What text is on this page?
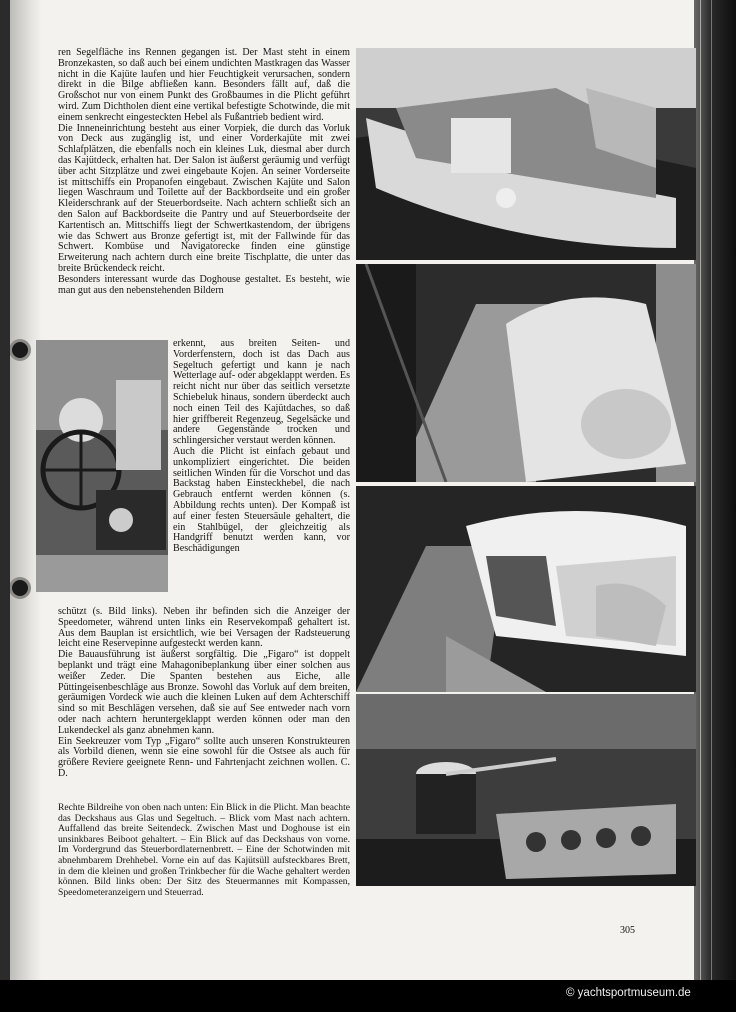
ren Segelfläche ins Rennen gegangen ist. Der Mast steht in einem Bronzekasten, so daß auch bei einem undichten Mastkragen das Wasser nicht in die Kajüte laufen und hier Feuchtigkeit verursachen, sondern direkt in die Bilge abfließen kann. Besonders fällt auf, daß die Großschot nur von einem Punkt des Großbaumes in die Plicht geführt wird. Zum Dichtholen dient eine vertikal befestigte Schotwinde, die mit einem senkrecht eingesteckten Hebel als Fußantrieb bedient wird.

Die Inneneinrichtung besteht aus einer Vorpiek, die durch das Vorluk von Deck aus zugänglig ist, und einer Vorderkajüte mit zwei Schlafplätzen, die ebenfalls noch ein kleines Luk, diesmal aber durch das Kajütdeck, erhalten hat. Der Salon ist äußerst geräumig und verfügt über acht Sitzplätze und zwei eingebaute Kojen. An seiner Vorderseite ist mittschiffs ein Propanofen eingebaut. Zwischen Kajüte und Salon liegen Waschraum und Toilette auf der Backbordseite und ein großer Kleiderschrank auf der Steuerbordseite. Nach achtern schließt sich an den Salon auf Backbordseite die Pantry und auf Steuerbordseite der Kartentisch an. Mittschiffs liegt der Schwertkastendom, der übrigens wie das Schwert aus Bronze gefertigt ist, mit der Fallwinde für das Schwert. Kombüse und Navigatorecke finden eine günstige Erweiterung nach achtern durch eine breite Tischplatte, die unter das breite Brückendeck reicht.

Besonders interessant wurde das Doghouse gestaltet. Es besteht, wie man gut aus den nebenstehenden Bildern

erkennt, aus breiten Seiten- und Vorderfenstern, doch ist das Dach aus Segeltuch gefertigt und kann je nach Wetterlage auf- oder abgeklappt werden. Es reicht nicht nur über das seitlich versetzte Schiebeluk hinaus, sondern überdeckt auch noch einen Teil des Kajütdaches, so daß hier griffbereit Regenzeug, Segelsäcke und andere Gegenstände trocken und schlingersicher verstaut werden können.

Auch die Plicht ist einfach gebaut und unkompliziert eingerichtet. Die beiden seitlichen Winden für die Vorschot und das Backstag haben Einsteckhebel, die nach Gebrauch entfernt werden können (s. Abbildung rechts unten). Der Kompaß ist auf einer festen Steuersäule gehaltert, die ein Stahlbügel, der gleichzeitig als Handgriff benutzt werden kann, vor Beschädigungen

schützt (s. Bild links). Neben ihr befinden sich die Anzeiger der Speedometer, während unten links ein Reservekompaß gehaltert ist. Aus dem Bauplan ist ersichtlich, wie bei Versagen der Radsteuerung leicht eine Reservepinne aufgesteckt werden kann.

Die Bauausführung ist äußerst sorgfältig. Die „Figaro“ ist doppelt beplankt und trägt eine Mahagonibeplankung über einer solchen aus weißer Zeder. Die Spanten bestehen aus Eiche, alle Püttingeisenbeschläge aus Bronze. Sowohl das Vorluk auf dem breiten, geräumigen Vordeck wie auch die kleinen Luken auf dem Achterschiff sind so mit Beschlägen versehen, daß sie auf See entweder nach vorn oder nach achtern heruntergeklappt werden können oder man den Lukendeckel als ganz abnehmen kann.

Ein Seekreuzer vom Typ „Figaro“ sollte auch unseren Konstrukteuren als Vorbild dienen, wenn sie eine sowohl für die Ostsee als auch für größere Reviere geeignete Renn- und Fahrtenjacht zeichnen wollen. C. D.

Rechte Bildreihe von oben nach unten: Ein Blick in die Plicht. Man beachte das Deckshaus aus Glas und Segeltuch. – Blick vom Mast nach achtern. Auffallend das breite Seitendeck. Zwischen Mast und Doghouse ist ein unsinkbares Beiboot gehaltert. – Ein Blick auf das Deckshaus von vorne. Im Vordergrund das Steuerbordlaternenbrett. – Eine der Schotwinden mit abnehmbarem Drehhebel. Vorne ein auf das Kajütsüll aufsteckbares Brett, in dem die kleinen und großen Trinkbecher für die Wache gehaltert werden können. Bild links oben: Der Sitz des Steuermannes mit Kompassen, Speedometeranzeigern und Steuerrad.
305
© yachtsportmuseum.de
